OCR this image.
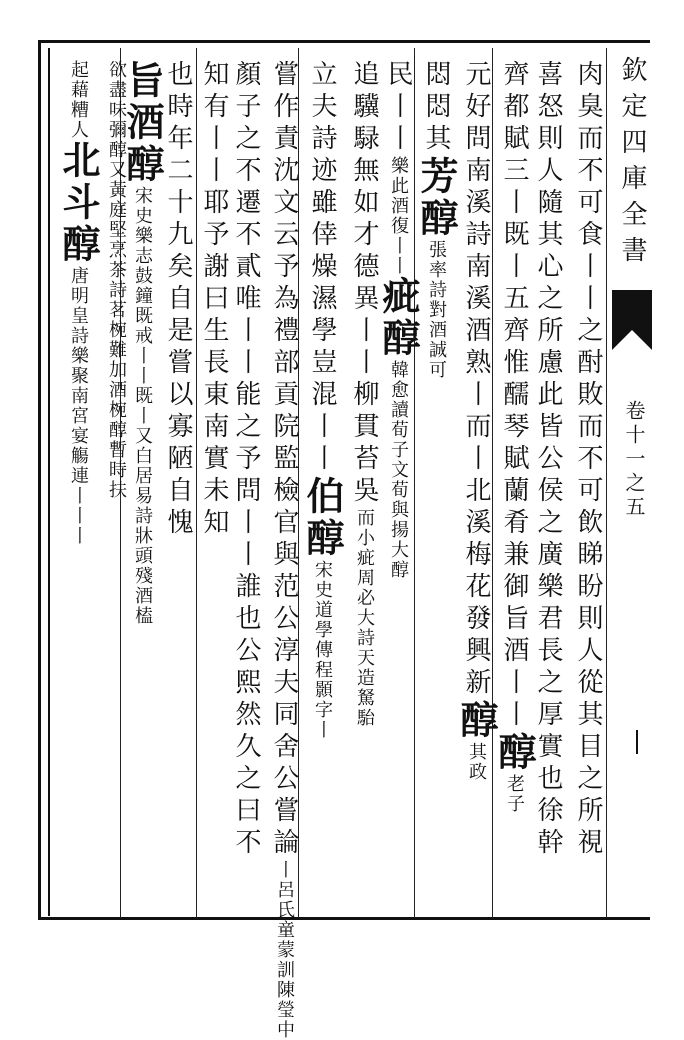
欽定四庫全書
卷十一之五
肉臭而不可食丨丨之酎敗而不可飲睇盼則人從其目之所視
喜怒則人隨其心之所慮此皆公侯之廣樂君長之厚實也徐幹
齊都賦三丨既丨五齊惟醹琴賦蘭肴兼御旨酒丨丨醇老子
元好問南溪詩南溪酒熟丨而丨北溪梅花發興新醇其政
悶悶其芳醇張率詩對酒誠可
民丨丨樂此酒復丨丨疵醇韓愈讀荀子文荀與揚大醇
追驥騄無如才德異丨丨柳貫苔吳而小疵周必大詩天造駑駘
立夫詩迹雖倖燥濕學豈混丨丨伯醇宋史道學傳程顥字丨
嘗作責沈文云予為禮部貢院監檢官與范公淳夫同舍公嘗論丨呂氏童蒙訓陳瑩中
顏子之不遷不貳唯丨丨能之予問丨丨誰也公熙然久之曰不
知有丨丨耶予謝曰生長東南實未知
也時年二十九矣自是嘗以寡陋自愧
旨酒醇宋史樂志鼓鐘既戒丨丨既丨又白居易詩牀頭殘酒榼
欲盡味彌醇又黃庭堅烹茶詩茗椀難加酒椀醇暫時扶
起藉糟人北斗醇唐明皇詩樂聚南宮宴觴連丨丨丨
